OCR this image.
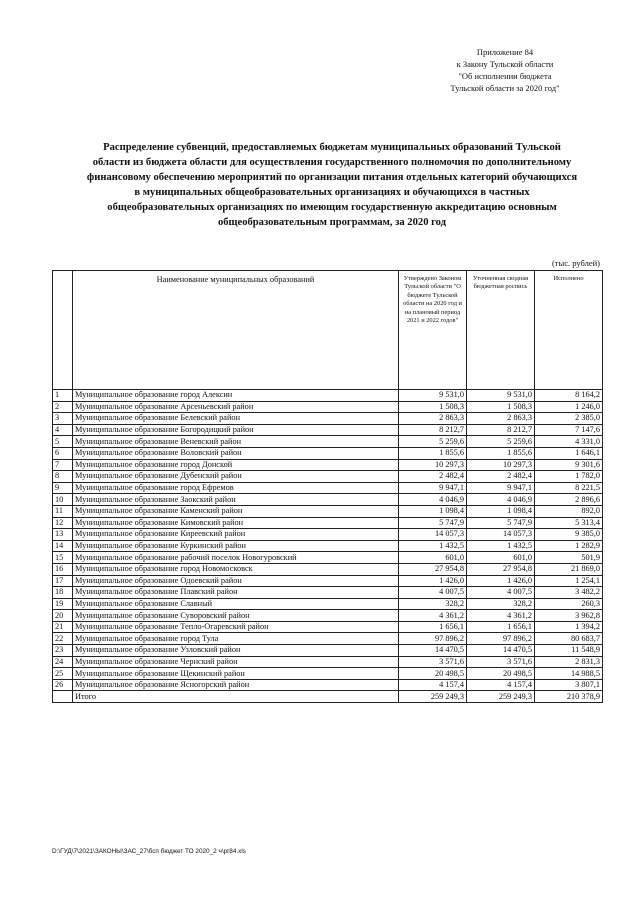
Приложение 84
к Закону Тульской области
"Об исполнении бюджета
Тульской области за 2020 год"
Распределение субвенций, предоставляемых бюджетам муниципальных образований Тульской
области из бюджета области для осуществления государственного полномочия по дополнительному
финансовому обеспечению мероприятий по организации питания отдельных категорий обучающихся
в муниципальных общеобразовательных организациях и обучающихся в частных
общеобразовательных организациях по имеющим государственную аккредитацию основным
общеобразовательным программам, за 2020 год
(тыс. рублей)
	Наименование муниципальных образований	Утверждено Законом Тульской области "О бюджете Тульской области на 2020 год и на плановый период 2021 и 2022 годов"	Уточненная сводная бюджетная роспись	Исполнено
1	Муниципальное образование город Алексин	9 531,0	9 531,0	8 164,2
2	Муниципальное образование Арсеньевский район	1 508,3	1 508,3	1 246,0
3	Муниципальное образование Белевский район	2 863,3	2 863,3	2 385,0
4	Муниципальное образование Богородицкий район	8 212,7	8 212,7	7 147,6
5	Муниципальное образование Веневский район	5 259,6	5 259,6	4 331,0
6	Муниципальное образование Воловский район	1 855,6	1 855,6	1 646,1
7	Муниципальное образование город Донской	10 297,3	10 297,3	9 301,6
8	Муниципальное образование Дубенский район	2 482,4	2 482,4	1 782,0
9	Муниципальное образование город Ефремов	9 947,1	9 947,1	8 221,5
10	Муниципальное образование Заокский район	4 046,9	4 046,9	2 896,6
11	Муниципальное образование Каменский район	1 098,4	1 098,4	892,0
12	Муниципальное образование Кимовский район	5 747,9	5 747,9	5 313,4
13	Муниципальное образование Киреевский район	14 057,3	14 057,3	9 385,0
14	Муниципальное образование Куркинский район	1 432,5	1 432,5	1 282,9
15	Муниципальное образование рабочий поселок Новогуровский	601,0	601,0	501,9
16	Муниципальное образование город Новомосковск	27 954,8	27 954,8	21 869,0
17	Муниципальное образование Одоевский район	1 426,0	1 426,0	1 254,1
18	Муниципальное образование Плавский район	4 007,5	4 007,5	3 482,2
19	Муниципальное образование Славный	328,2	328,2	260,3
20	Муниципальное образование Суворовский район	4 361,2	4 361,2	3 962,8
21	Муниципальное образование Тепло-Огаревский район	1 656,1	1 656,1	1 394,2
22	Муниципальное образование город Тула	97 896,2	97 896,2	80 683,7
23	Муниципальное образование Узловский район	14 470,5	14 470,5	11 548,9
24	Муниципальное образование Чернский район	3 571,6	3 571,6	2 831,3
25	Муниципальное образование Щекинский район	20 498,5	20 498,5	14 988,5
26	Муниципальное образование Ясногорский район	4 157,4	4 157,4	3 807,1
	Итого	259 249,3	259 249,3	210 378,9
D:\ГУД\7\2021\ЗАКОНЫ\ЗАС_27\бсп бюджет ТО 2020_2 ч\pr84.xls
